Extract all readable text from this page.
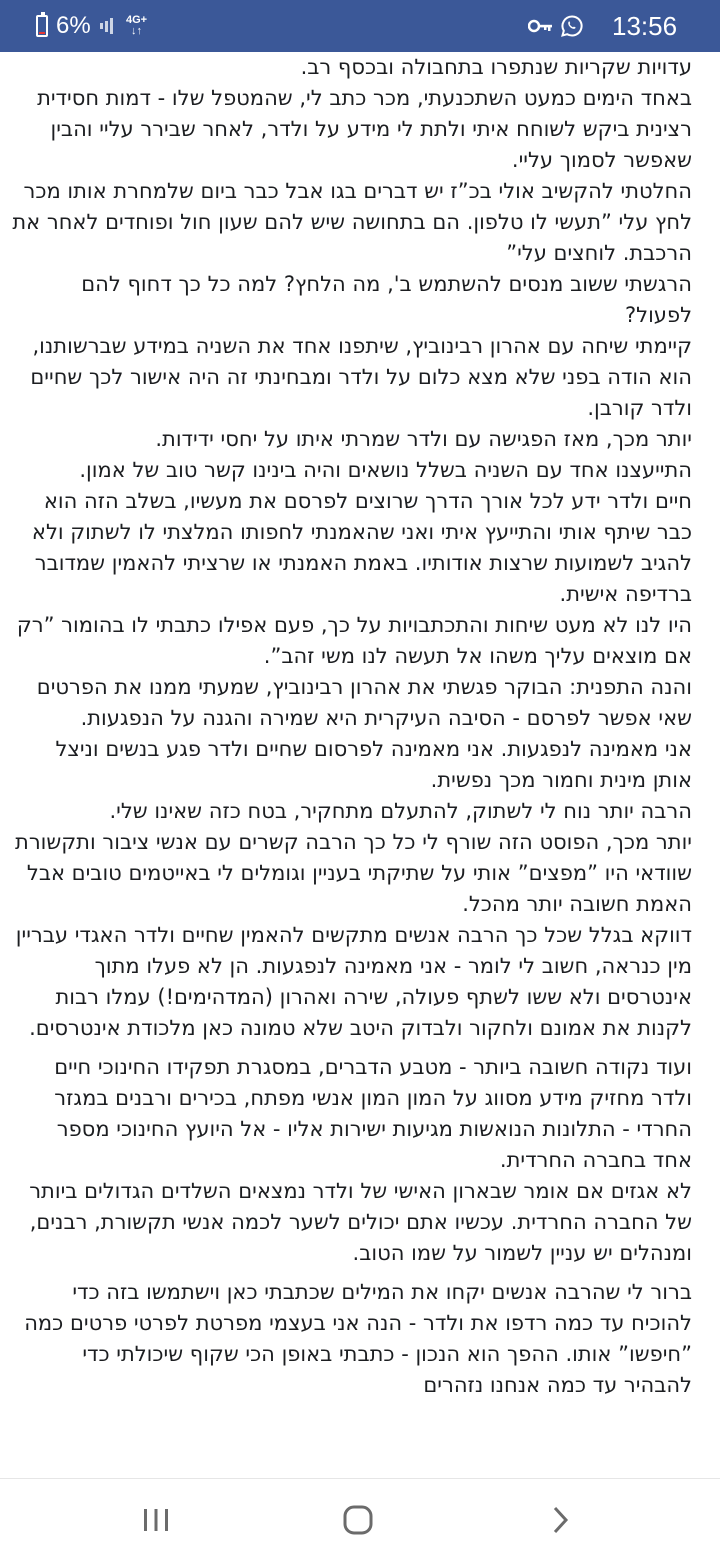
6%	4G+
↓↑	13:56

עדויות שקריות שנתפרו בתחבולה ובכסף רב.

באחד הימים כמעט השתכנעתי, מכר כתב לי, שהמטפל שלו - דמות חסידית רצינית ביקש לשוחח איתי ולתת לי מידע על ולדר, לאחר שבירר עליי והבין שאפשר לסמוך עליי.

החלטתי להקשיב אולי בכ”ז יש דברים בגו אבל כבר ביום שלמחרת אותו מכר לחץ עלי ”תעשי לו טלפון. הם בתחושה שיש להם שעון חול ופוחדים לאחר את הרכבת. לוחצים עלי”

הרגשתי ששוב מנסים להשתמש ב', מה הלחץ? למה כל כך דחוף להם לפעול?

קיימתי שיחה עם אהרון רבינוביץ, שיתפנו אחד את השניה במידע שברשותנו, הוא הודה בפני שלא מצא כלום על ולדר ומבחינתי זה היה אישור לכך שחיים ולדר קורבן.

יותר מכך, מאז הפגישה עם ולדר שמרתי איתו על יחסי ידידות.

התייעצנו אחד עם השניה בשלל נושאים והיה בינינו קשר טוב של אמון.

חיים ולדר ידע לכל אורך הדרך שרוצים לפרסם את מעשיו, בשלב הזה הוא כבר שיתף אותי והתייעץ איתי ואני שהאמנתי לחפותו המלצתי לו לשתוק ולא להגיב לשמועות שרצות אודותיו. באמת האמנתי או שרציתי להאמין שמדובר ברדיפה אישית.

היו לנו לא מעט שיחות והתכתבויות על כך, פעם אפילו כתבתי לו בהומור ”רק אם מוצאים עליך משהו אל תעשה לנו משי זהב”.

והנה התפנית: הבוקר פגשתי את אהרון רבינוביץ, שמעתי ממנו את הפרטים שאי אפשר לפרסם - הסיבה העיקרית היא שמירה והגנה על הנפגעות.

אני מאמינה לנפגעות. אני מאמינה לפרסום שחיים ולדר פגע בנשים וניצל אותן מינית וחמור מכך נפשית.

הרבה יותר נוח לי לשתוק, להתעלם מתחקיר, בטח כזה שאינו שלי.

יותר מכך, הפוסט הזה שורף לי כל כך הרבה קשרים עם אנשי ציבור ותקשורת שוודאי היו ”מפצים” אותי על שתיקתי בעניין וגומלים לי באייטמים טובים אבל האמת חשובה יותר מהכל.

דווקא בגלל שכל כך הרבה אנשים מתקשים להאמין שחיים ולדר האגדי עבריין מין כנראה, חשוב לי לומר - אני מאמינה לנפגעות. הן לא פעלו מתוך אינטרסים ולא ששו לשתף פעולה, שירה ואהרון (המדהימים!) עמלו רבות לקנות את אמונם ולחקור ולבדוק היטב שלא טמונה כאן מלכודת אינטרסים.

ועוד נקודה חשובה ביותר - מטבע הדברים, במסגרת תפקידו החינוכי חיים ולדר מחזיק מידע מסווג על המון המון אנשי מפתח, בכירים ורבנים במגזר החרדי - התלונות הנואשות מגיעות ישירות אליו - אל היועץ החינוכי מספר אחד בחברה החרדית.

לא אגזים אם אומר שבארון האישי של ולדר נמצאים השלדים הגדולים ביותר של החברה החרדית. עכשיו אתם יכולים לשער לכמה אנשי תקשורת, רבנים, ומנהלים יש עניין לשמור על שמו הטוב.

ברור לי שהרבה אנשים יקחו את המילים שכתבתי כאן וישתמשו בזה כדי להוכיח עד כמה רדפו את ולדר - הנה אני בעצמי מפרטת לפרטי פרטים כמה ”חיפשו” אותו. ההפך הוא הנכון - כתבתי באופן הכי שקוף שיכולתי כדי להבהיר עד כמה אנחנו נזהרים
